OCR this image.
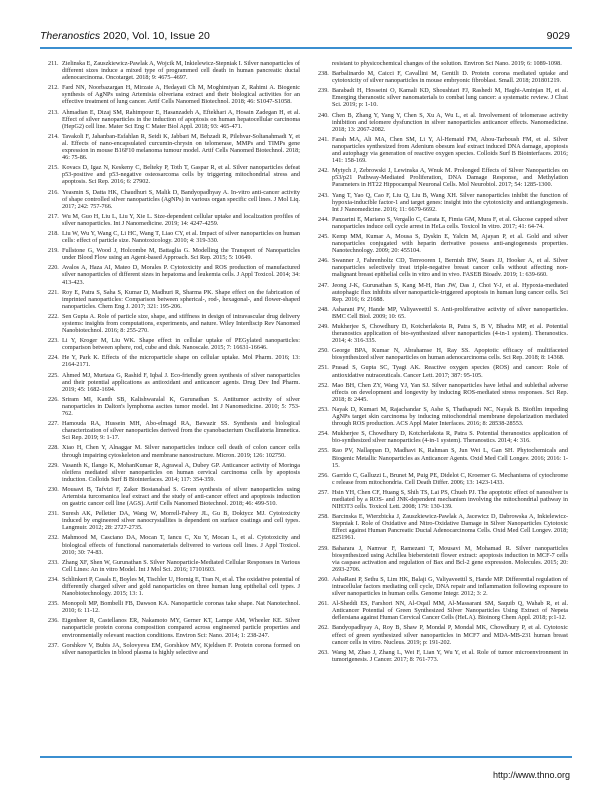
Theranostics 2020, Vol. 10, Issue 20	9029
211. Zielinska E, Zauszkiewicz-Pawlak A, Wojcik M, Inkielewicz-Stepniak I. Silver nanoparticles of different sizes induce a mixed type of programmed cell death in human pancreatic ductal adenocarcinoma. Oncotarget. 2018; 9: 4675–4697.
212. Fard NN, Noorbazargan H, Mirzaie A, Hedayati Ch M, Moghimiyan Z, Rahimi A. Biogenic synthesis of AgNPs using Artemisia oliveriana extract and their biological activities for an effective treatment of lung cancer. Artif Cells Nanomed Biotechnol. 2018; 46: S1047-S1058.
213. Ahmadian E, Dizaj SM, Rahimpour E, Hasanzadeh A, Eftekhari A, Hosain Zadegan H, et al. Effect of silver nanoparticles in the induction of apoptosis on human hepatocellular carcinoma (HepG2) cell line. Mater Sci Eng C Mater Biol Appl. 2018; 93: 465-471.
214. Tavakoli F, Jahanban-Esfahlan R, Seidi K, Jabbari M, Behzadi R, Pilehvar-Soltanahmadi Y, et al. Effects of nano-encapsulated curcumin-chrysin on telomerase, MMPs and TIMPs gene expression in mouse B16F10 melanoma tumour model. Artif Cells Nanomed Biotechnol. 2018; 46: 75-86.
215. Kovacs D, Igaz N, Keskeny C, Belteky P, Toth T, Gaspar R, et al. Silver nanoparticles defeat p53-positive and p53-negative osteosarcoma cells by triggering mitochondrial stress and apoptosis. Sci Rep. 2016; 6: 27902.
216. Yeasmin S, Datta HK, Chaudhuri S, Malik D, Bandyopadhyay A. In-vitro anti-cancer activity of shape controlled silver nanoparticles (AgNPs) in various organ specific cell lines. J Mol Liq. 2017; 242: 757-766.
217. Wu M, Guo H, Liu L, Liu Y, Xie L. Size-dependent cellular uptake and localization profiles of silver nanoparticles. Int J Nanomedicine. 2019; 14: 4247-4259.
218. Liu W, Wu Y, Wang C, Li HC, Wang T, Liao CY, et al. Impact of silver nanoparticles on human cells: effect of particle size. Nanotoxicology. 2010; 4: 319-330.
219. Fullstone G, Wood J, Holcombe M, Battaglia G. Modelling the Transport of Nanoparticles under Blood Flow using an Agent-based Approach. Sci Rep. 2015; 5: 10649.
220. Avalos A, Haza AI, Mateo D, Morales P. Cytotoxicity and ROS production of manufactured silver nanoparticles of different sizes in hepatoma and leukemia cells. J Appl Toxicol. 2014; 34: 413-423.
221. Roy E, Patra S, Saha S, Kumar D, Madhuri R, Sharma PK. Shape effect on the fabrication of imprinted nanoparticles: Comparison between spherical-, rod-, hexagonal-, and flower-shaped nanoparticles. Chem Eng J. 2017; 321: 195-206.
222. Sen Gupta A. Role of particle size, shape, and stiffness in design of intravascular drug delivery systems: insights from computations, experiments, and nature. Wiley Interdiscip Rev Nanomed Nanobiotechnol. 2016; 8: 255-270.
223. Li Y, Kroger M, Liu WK. Shape effect in cellular uptake of PEGylated nanoparticles: comparison between sphere, rod, cube and disk. Nanoscale. 2015; 7: 16631-16646.
224. He Y, Park K. Effects of the microparticle shape on cellular uptake. Mol Pharm. 2016; 13: 2164-2171.
225. Ahmed MJ, Murtaza G, Rashid F, Iqbal J. Eco-friendly green synthesis of silver nanoparticles and their potential applications as antioxidant and anticancer agents. Drug Dev Ind Pharm. 2019; 45: 1682-1694.
226. Sriram MI, Kanth SB, Kalishwaralal K, Gurunathan S. Antitumor activity of silver nanoparticles in Dalton's lymphoma ascites tumor model. Int J Nanomedicine. 2010; 5: 753-762.
227. Hamouda RA, Hussein MH, Abo-elmagd RA, Bawazir SS. Synthesis and biological characterization of silver nanoparticles derived from the cyanobacterium Oscillatoria limnetica. Sci Rep. 2019; 9: 1-17.
228. Xiao H, Chen Y, Alnaggar M. Silver nanoparticles induce cell death of colon cancer cells through impairing cytoskeleton and membrane nanostructure. Micron. 2019; 126: 102750.
229. Vasanth K, Ilango K, MohanKumar R, Agrawal A, Dubey GP. Anticancer activity of Moringa oleifera mediated silver nanoparticles on human cervical carcinoma cells by apoptosis induction. Colloids Surf B Biointerfaces. 2014; 117: 354-359.
230. Mousavi B, Tafvizi F, Zaker Bostanabad S. Green synthesis of silver nanoparticles using Artemisia turcomanica leaf extract and the study of anti-cancer effect and apoptosis induction on gastric cancer cell line (AGS). Artif Cells Nanomed Biotechnol. 2018; 46: 499-510.
231. Suresh AK, Pelletier DA, Wang W, Morrell-Falvey JL, Gu B, Doktycz MJ. Cytotoxicity induced by engineered silver nanocrystallites is dependent on surface coatings and cell types. Langmuir. 2012; 28: 2727-2735.
232. Mahmood M, Casciano DA, Mocan T, Iancu C, Xu Y, Mocan L, et al. Cytotoxicity and biological effects of functional nanomaterials delivered to various cell lines. J Appl Toxicol. 2010; 30: 74-83.
233. Zhang XF, Shen W, Gurunathan S. Silver Nanoparticle-Mediated Cellular Responses in Various Cell Lines: An in vitro Model. Int J Mol Sci. 2016; 17101603.
234. Schlinkert P, Casals E, Boyles M, Tischler U, Hornig E, Tran N, et al. The oxidative potential of differently charged silver and gold nanoparticles on three human lung epithelial cell types. J Nanobiotechnology. 2015; 13: 1.
235. Monopoli MP, Bombelli FB, Dawson KA. Nanoparticle coronas take shape. Nat Nanotechnol. 2010; 6: 11-12.
236. Eigenheer R, Castellanos ER, Nakamoto MY, Gerner KT, Lampe AM, Wheeler KE. Silver nanoparticle protein corona composition compared across engineered particle properties and environmentally relevant reaction conditions. Environ Sci: Nano. 2014; 1: 238-247.
237. Gorshkov V, Bubis JA, Solovyeva EM, Gorshkov MV, Kjeldsen F. Protein corona formed on silver nanoparticles in blood plasma is highly selective and
resistant to physicochemical changes of the solution. Environ Sci Nano. 2019; 6: 1089-1098.
238. Barbalinardo M, Caicci F, Cavallini M, Gentili D. Protein corona mediated uptake and cytotoxicity of silver nanoparticles in mouse embryonic fibroblast. Small. 2018; 201801219.
239. Barabadi H, Hosseini O, Kamali KD, Shoushtari FJ, Rashedi M, Haghi-Aminjan H, et al. Emerging theranostic silver nanomaterials to combat lung cancer: a systematic review. J Clust Sci. 2019; p: 1-10.
240. Chen B, Zhang Y, Yang Y, Chen S, Xu A, Wu L, et al. Involvement of telomerase activity inhibition and telomere dysfunction in silver nanoparticles anticancer effects. Nanomedicine. 2018; 13: 2067-2082.
241. Farah MA, Ali MA, Chen SM, Li Y, Al-Hemaid FM, Abou-Tarboush FM, et al. Silver nanoparticles synthesized from Adenium obesum leaf extract induced DNA damage, apoptosis and autophagy via generation of reactive oxygen species. Colloids Surf B Biointerfaces. 2016; 141: 158-169.
242. Mytych J, Zebrowski J, Lewinska A, Wnuk M. Prolonged Effects of Silver Nanoparticles on p53/p21 Pathway-Mediated Proliferation, DNA Damage Response, and Methylation Parameters in HT22 Hippocampal Neuronal Cells. Mol Neurobiol. 2017; 54: 1285-1300.
243. Yang T, Yao Q, Cao F, Liu Q, Liu B, Wang XH. Silver nanoparticles inhibit the function of hypoxia-inducible factor-1 and target genes: insight into the cytotoxicity and antiangiogenesis. Int J Nanomedicine. 2016; 11: 6679-6692.
244. Panzarini E, Mariano S, Vergallo C, Carata E, Fimia GM, Mura F, et al. Glucose capped silver nanoparticles induce cell cycle arrest in HeLa cells. Toxicol In vitro. 2017; 41: 64-74.
245. Kemp MM, Kumar A, Mousa S, Dyskin E, Yalcin M, Ajayan P, et al. Gold and silver nanoparticles conjugated with heparin derivative possess anti-angiogenesis properties. Nanotechnology. 2009; 20: 455104.
246. Swanner J, Fahrenholtz CD, Tenvooren I, Bernish BW, Sears JJ, Hooker A, et al. Silver nanoparticles selectively treat triple-negative breast cancer cells without affecting non-malignant breast epithelial cells in vitro and in vivo. FASEB Bioadv. 2019; 1: 639-660.
247. Jeong J-K, Gurunathan S, Kang M-H, Han JW, Das J, Choi Y-J, et al. Hypoxia-mediated autophagic flux inhibits silver nanoparticle-triggered apoptosis in human lung cancer cells. Sci Rep. 2016; 6: 21688.
248. Asharani PV, Hande MP, Valiyaveettil S. Anti-proliferative activity of silver nanoparticles. BMC Cell Biol. 2009; 10: 65.
249. Mukherjee S, Chowdhury D, Kotcherlakota R, Patra S, B V, Bhadra MP, et al. Potential theranostics application of bio-synthesized silver nanoparticles (4-in-1 system). Theranostics. 2014; 4: 316-335.
250. George BPA, Kumar N, Abrahamse H, Ray SS. Apoptotic efficacy of multifaceted biosynthesized silver nanoparticles on human adenocarcinoma cells. Sci Rep. 2018; 8: 14368.
251. Prasad S, Gupta SC, Tyagi AK. Reactive oxygen species (ROS) and cancer: Role of antioxidative nutraceuticals. Cancer Lett. 2017; 387: 95-105.
252. Mao BH, Chen ZY, Wang YJ, Yan SJ. Silver nanoparticles have lethal and sublethal adverse effects on development and longevity by inducing ROS-mediated stress responses. Sci Rep. 2018; 8: 2445.
253. Nayak D, Kumari M, Rajachandar S, Ashe S, Thathapudi NC, Nayak B. Biofilm impeding AgNPs target skin carcinoma by inducing mitochondrial membrane depolarization mediated through ROS production. ACS Appl Mater Interfaces. 2016; 8: 28538-28553.
254. Mukherjee S, Chowdhury D, Kotcherlakota R, Patra S. Potential theranostics application of bio-synthesized silver nanoparticles (4-in-1 system). Theranostics. 2014; 4: 316.
255. Rao PV, Nallappan D, Madhavi K, Rahman S, Jun Wei L, Gan SH. Phytochemicals and Biogenic Metallic Nanoparticles as Anticancer Agents. Oxid Med Cell Longev. 2016; 2016: 1-15.
256. Garrido C, Galluzzi L, Brunet M, Puig PE, Didelot C, Kroemer G. Mechanisms of cytochrome c release from mitochondria. Cell Death Differ. 2006; 13: 1423-1433.
257. Hsin YH, Chen CF, Huang S, Shih TS, Lai PS, Chueh PJ. The apoptotic effect of nanosilver is mediated by a ROS- and JNK-dependent mechanism involving the mitochondrial pathway in NIH3T3 cells. Toxicol Lett. 2008; 179: 130-139.
258. Barcinska E, Wierzbicka J, Zauszkiewicz-Pawlak A, Jacewicz D, Dabrowska A, Inkielewicz-Stepniak I. Role of Oxidative and Nitro-Oxidative Damage in Silver Nanoparticles Cytotoxic Effect against Human Pancreatic Ductal Adenocarcinoma Cells. Oxid Med Cell Longev. 2018; 8251961.
259. Baharara J, Namvar F, Ramezani T, Mousavi M, Mohamad R. Silver nanoparticles biosynthesized using Achillea biebersteinii flower extract: apoptosis induction in MCF-7 cells via caspase activation and regulation of Bax and Bcl-2 gene expression. Molecules. 2015; 20: 2693-2706.
260. AshaRani P, Sethu S, Lim HK, Balaji G, Valiyaveettil S, Hande MP. Differential regulation of intracellular factors mediating cell cycle, DNA repair and inflammation following exposure to silver nanoparticles in human cells. Genome Integr. 2012; 3: 2.
261. Al-Sheddi ES, Farshori NN, Al-Oqail MM, Al-Massarani SM, Saquib Q, Wahab R, et al. Anticancer Potential of Green Synthesized Silver Nanoparticles Using Extract of Nepeta deflersiana against Human Cervical Cancer Cells (HeLA). Bioinorg Chem Appl. 2018; p:1-12.
262. Bandyopadhyay A, Roy B, Shaw P, Mondal P, Mondal MK, Chowdhury P, et al. Cytotoxic effect of green synthesized silver nanoparticles in MCF7 and MDA-MB-231 human breast cancer cells in vitro. Nucleus. 2019; p: 191-202.
263. Wang M, Zhao J, Zhang L, Wei F, Lian Y, Wu Y, et al. Role of tumor microenvironment in tumorigenesis. J Cancer. 2017; 8: 761-773.
http://www.thno.org
